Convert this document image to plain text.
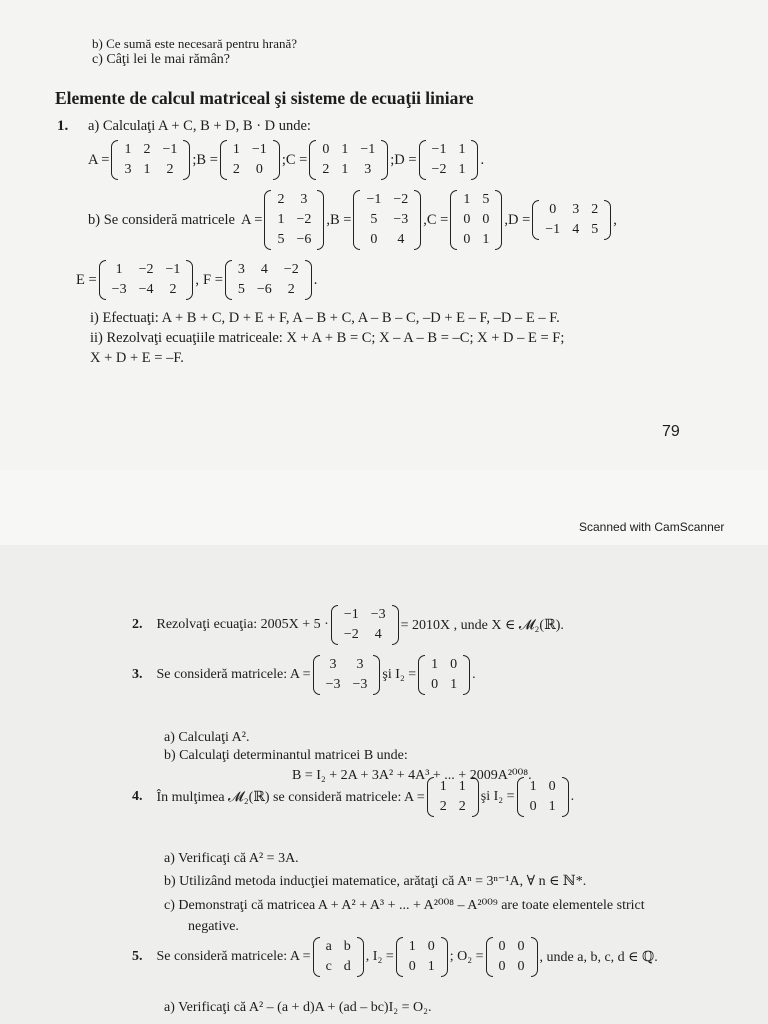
b) Ce sumă este necesară pentru hrană?
c) Câţi lei le mai rămân?
Elemente de calcul matriceal şi sisteme de ecuaţii liniare
1. a) Calculaţi A + C, B + D, B · D unde:
A =
1	2	−1
3	1	2
; B =
1	−1
2	0
; C =
0	1	−1
2	1	3
; D =
−1	1
−2	1
.
b) Se consideră matricele A =
2	3
1	−2
5	−6
, B =
−1	−2
5	−3
0	4
, C =
1	5
0	0
0	1
, D =
0	3	2
−1	4	5
,
E =
1	−2	−1
−3	−4	2
, F =
3	4	−2
5	−6	2
.
i) Efectuaţi: A + B + C, D + E + F, A – B + C, A – B – C, –D + E – F, –D – E – F.
ii) Rezolvaţi ecuaţiile matriceale: X + A + B = C; X – A – B = –C; X + D – E = F;
X + D + E = –F.
79
Scanned with CamScanner
2. Rezolvaţi ecuaţia: 2005X + 5 ·
−1	−3
−2	4
= 2010X , unde X ∈ 𝓜₂(ℝ).
3. Se consideră matricele: A =
3	3
−3	−3
şi I₂ =
1	0
0	1
.
a) Calculaţi A².
b) Calculaţi determinantul matricei B unde:
B = I₂ + 2A + 3A² + 4A³ + ... + 2009A²⁰⁰⁸.
4. În mulţimea 𝓜₂(ℝ) se consideră matricele: A =
1	1
2	2
şi I₂ =
1	0
0	1
.
a) Verificaţi că A² = 3A.
b) Utilizând metoda inducţiei matematice, arătaţi că Aⁿ = 3ⁿ⁻¹A, ∀ n ∈ ℕ*.
c) Demonstraţi că matricea A + A² + A³ + ... + A²⁰⁰⁸ – A²⁰⁰⁹ are toate elementele strict
negative.
5. Se consideră matricele: A =
a	b
c	d
, I₂ =
1	0
0	1
; O₂ =
0	0
0	0
, unde a, b, c, d ∈ ℚ.
a) Verificaţi că A² – (a + d)A + (ad – bc)I₂ = O₂.
